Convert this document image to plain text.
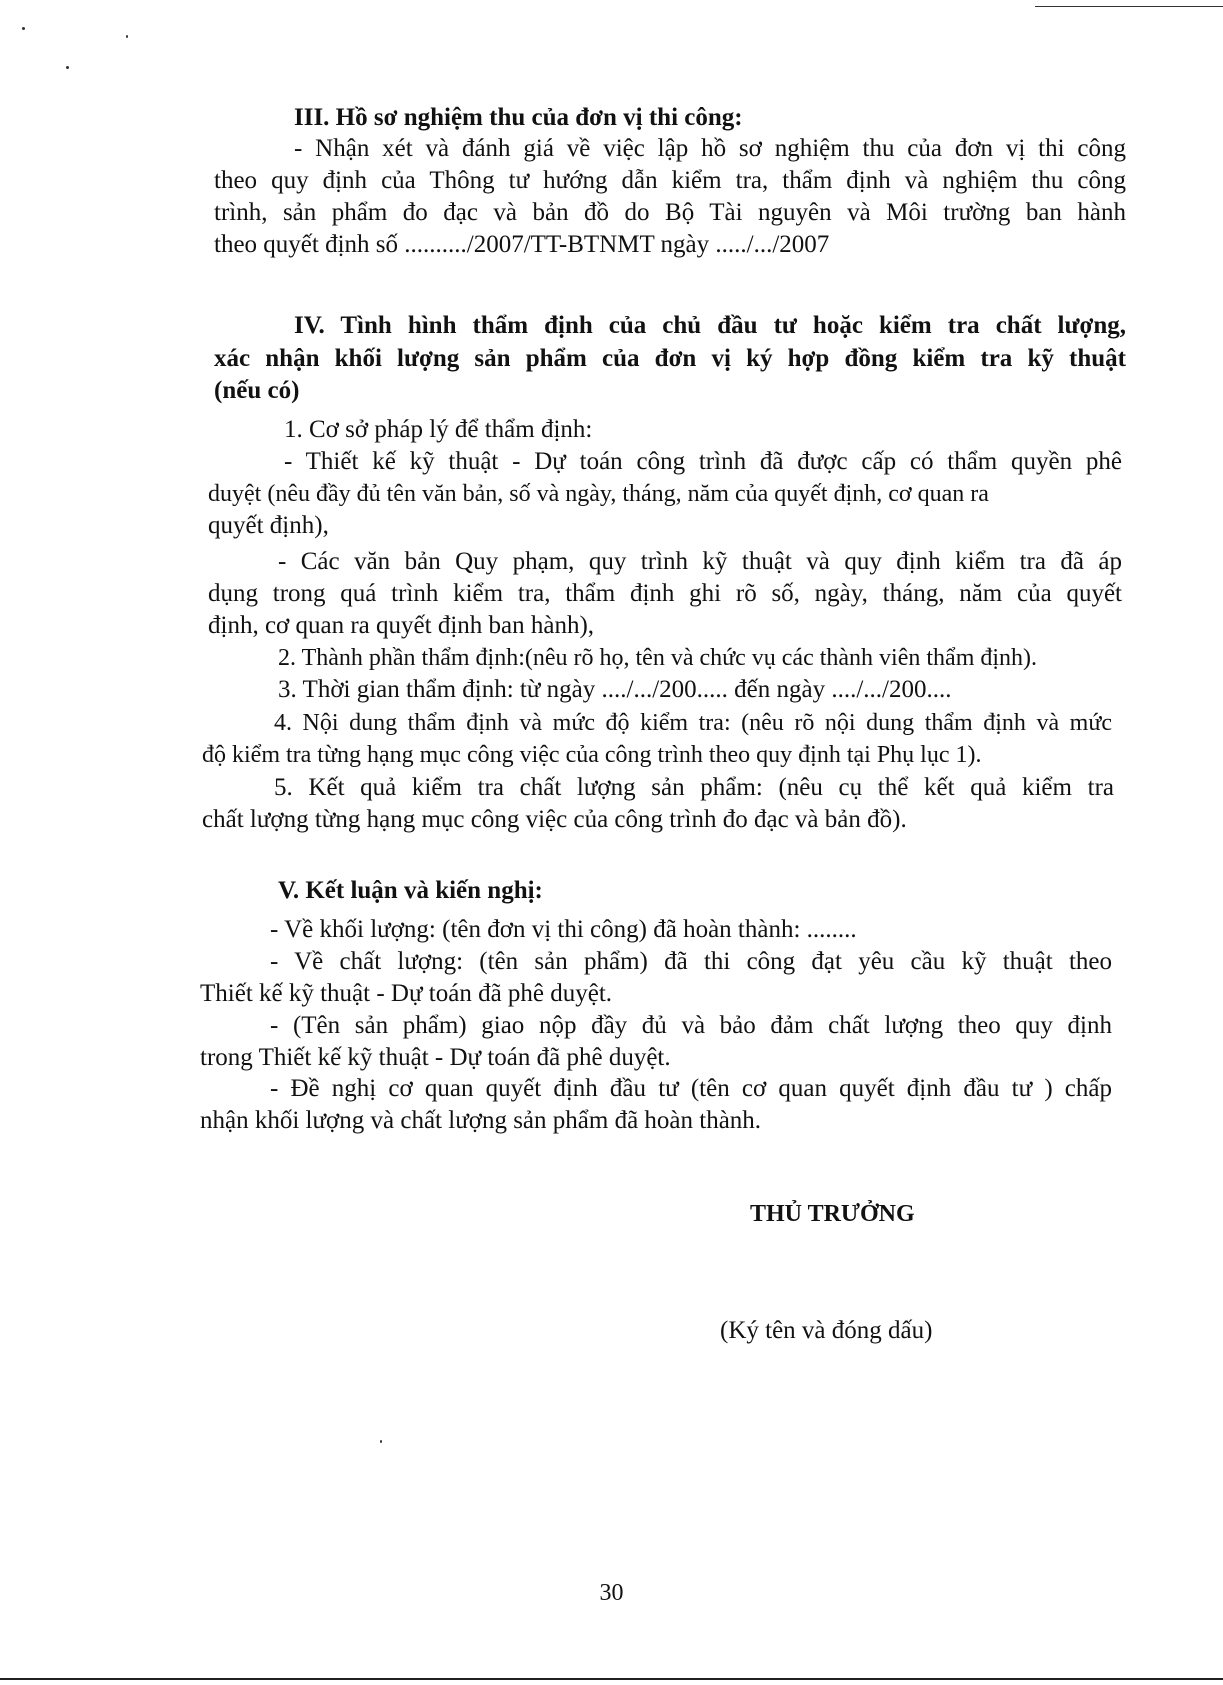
III. Hồ sơ nghiệm thu của đơn vị thi công:
- Nhận xét và đánh giá về việc lập hồ sơ nghiệm thu của đơn vị thi công
theo quy định của Thông tư hướng dẫn kiểm tra, thẩm định và nghiệm thu công
trình, sản phẩm đo đạc và bản đồ do Bộ Tài nguyên và Môi trường ban hành
theo quyết định số ........../2007/TT-BTNMT ngày ...../.../2007
IV. Tình hình thẩm định của chủ đầu tư hoặc kiểm tra chất lượng,
xác nhận khối lượng sản phẩm của đơn vị ký hợp đồng kiểm tra kỹ thuật
(nếu có)
1. Cơ sở pháp lý để thẩm định:
- Thiết kế kỹ thuật - Dự toán công trình đã được cấp có thẩm quyền phê
duyệt (nêu đầy đủ tên văn bản, số và ngày, tháng, năm của quyết định, cơ quan ra
quyết định),
- Các văn bản Quy phạm, quy trình kỹ thuật và quy định kiểm tra đã áp
dụng trong quá trình kiểm tra, thẩm định ghi rõ số, ngày, tháng, năm của quyết
định, cơ quan ra quyết định ban hành),
2. Thành phần thẩm định:(nêu rõ họ, tên và chức vụ các thành viên thẩm định).
3. Thời gian thẩm định: từ ngày ..../.../200..... đến ngày ..../.../200....
4. Nội dung thẩm định và mức độ kiểm tra: (nêu rõ nội dung thẩm định và mức
độ kiểm tra từng hạng mục công việc của công trình theo quy định tại Phụ lục 1).
5. Kết quả kiểm tra chất lượng sản phẩm: (nêu cụ thể kết quả kiểm tra
chất lượng từng hạng mục công việc của công trình đo đạc và bản đồ).
V. Kết luận và kiến nghị:
- Về khối lượng: (tên đơn vị thi công) đã hoàn thành: ........
- Về chất lượng: (tên sản phẩm) đã thi công đạt yêu cầu kỹ thuật theo
Thiết kế kỹ thuật - Dự toán đã phê duyệt.
- (Tên sản phẩm) giao nộp đầy đủ và bảo đảm chất lượng theo quy định
trong Thiết kế kỹ thuật - Dự toán đã phê duyệt.
- Đề nghị cơ quan quyết định đầu tư (tên cơ quan quyết định đầu tư ) chấp
nhận khối lượng và chất lượng sản phẩm đã hoàn thành.
THỦ TRƯỞNG
(Ký tên và đóng dấu)
30
